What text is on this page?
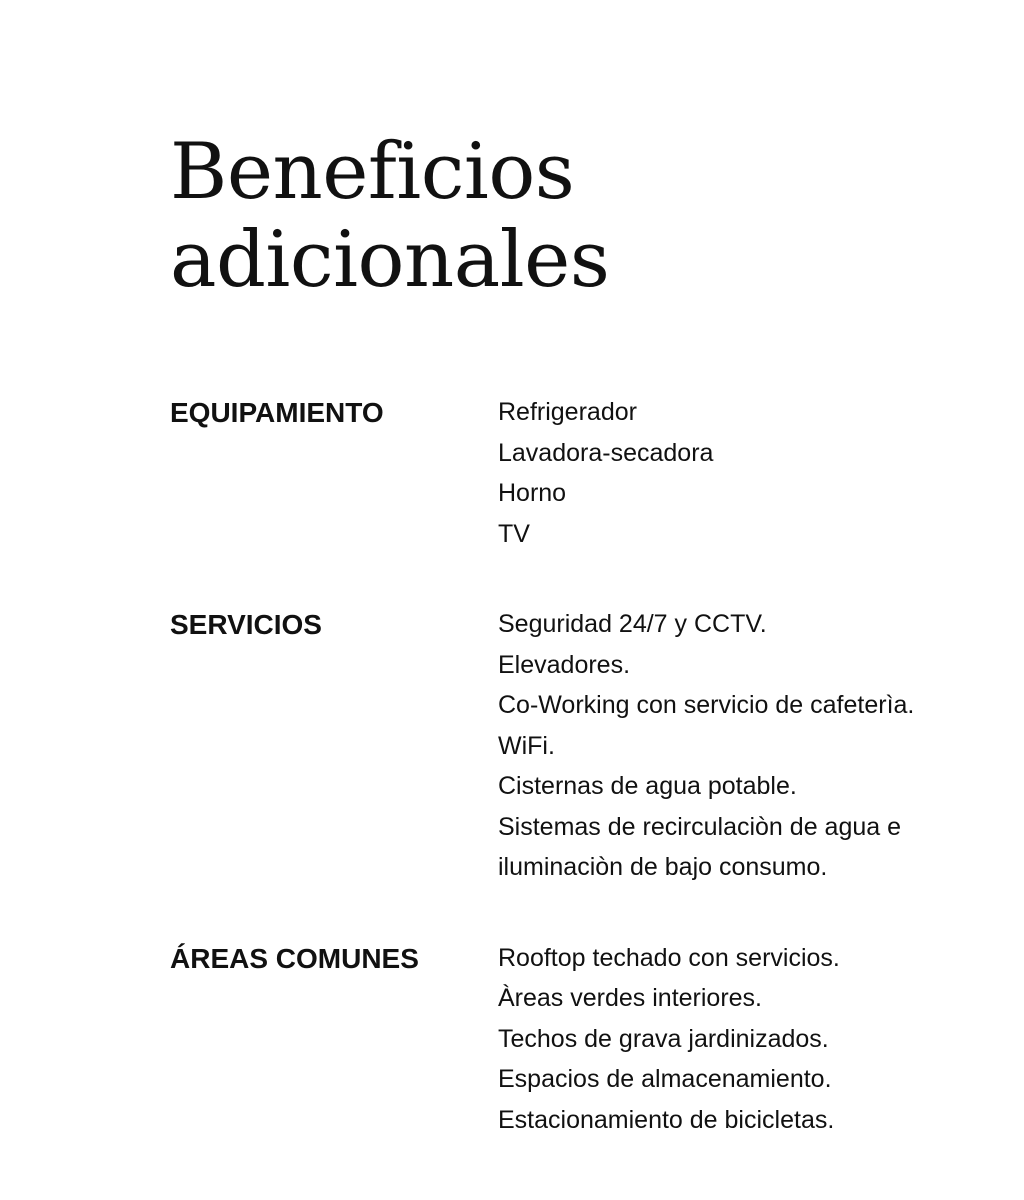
Beneficios
adicionales
EQUIPAMIENTO	Refrigerador
Lavadora-secadora
Horno
TV
SERVICIOS	Seguridad 24/7 y CCTV.
Elevadores.
Co-Working con servicio de cafeterìa.
WiFi.
Cisternas de agua potable.
Sistemas de recirculaciòn de agua e iluminaciòn de bajo consumo.
ÁREAS COMUNES	Rooftop techado con servicios.
Àreas verdes interiores.
Techos de grava jardinizados.
Espacios de almacenamiento.
Estacionamiento de bicicletas.
